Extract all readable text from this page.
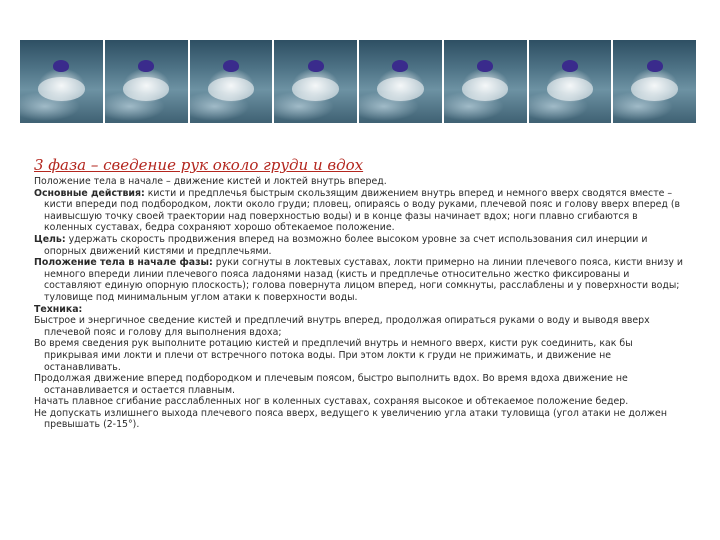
3 фаза – сведение рук около груди и вдох

Положение тела в начале – движение кистей и локтей внутрь вперед.

Основные действия: кисти и предплечья быстрым скользящим движением внутрь вперед и немного вверх сводятся вместе – кисти впереди под подбородком, локти около груди; пловец, опираясь о воду руками, плечевой пояс и голову вверх вперед (в наивысшую точку своей траектории над поверхностью воды) и в конце фазы начинает вдох; ноги плавно сгибаются в коленных суставах, бедра сохраняют хорошо обтекаемое положение.

Цель: удержать скорость продвижения вперед на возможно более высоком уровне за счет использования сил инерции и опорных движений кистями и предплечьями.

Положение тела в начале фазы: руки согнуты в локтевых суставах, локти примерно на линии плечевого пояса, кисти внизу и немного впереди линии плечевого пояса ладонями назад (кисть и предплечье относительно жестко фиксированы и составляют единую опорную плоскость); голова повернута лицом вперед, ноги сомкнуты, расслаблены и у поверхности воды; туловище под минимальным углом атаки к поверхности воды.

Техника:

Быстрое и энергичное сведение кистей и предплечий внутрь вперед, продолжая опираться руками о воду и выводя вверх плечевой пояс и голову для выполнения вдоха;

Во время сведения рук выполните ротацию кистей и предплечий внутрь и немного вверх, кисти рук соединить, как бы прикрывая ими локти и плечи от встречного потока воды. При этом локти к груди не прижимать, и движение не останавливать.

Продолжая движение вперед подбородком и плечевым поясом, быстро выполнить вдох. Во время вдоха движение не останавливается и остается плавным.

Начать плавное сгибание расслабленных ног в коленных суставах, сохраняя высокое и обтекаемое положение бедер.

Не допускать излишнего выхода плечевого пояса вверх, ведущего к увеличению угла атаки туловища (угол атаки не должен превышать (2-15°).
